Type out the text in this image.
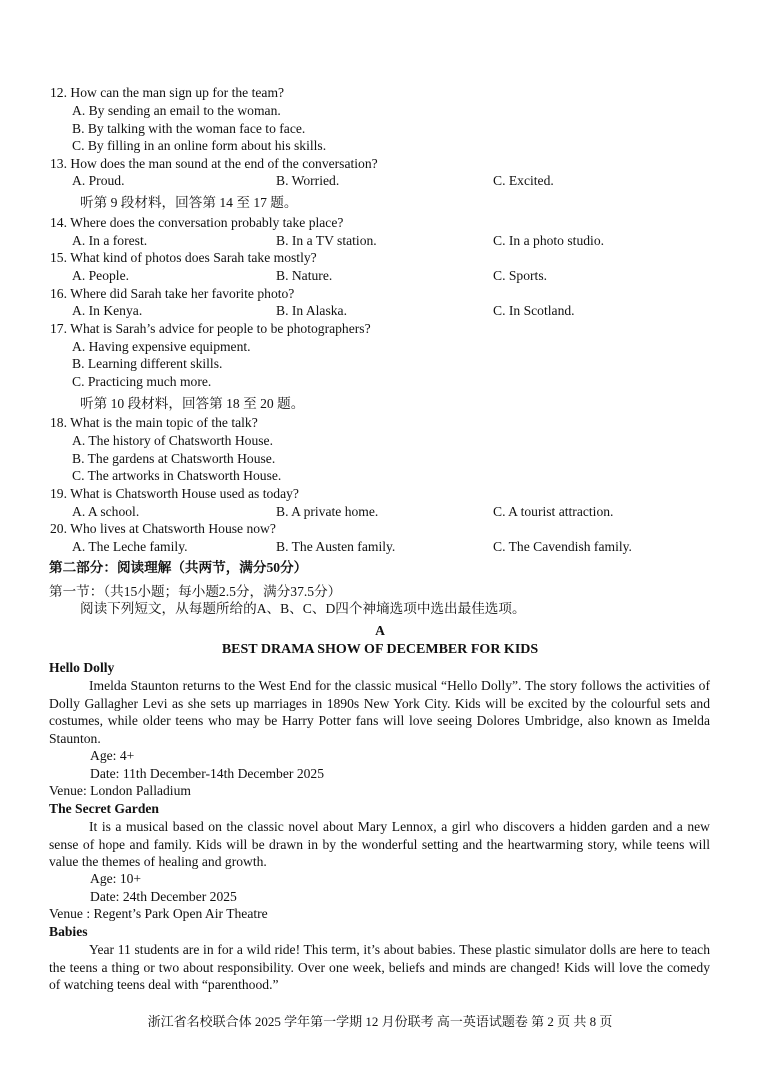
12. How can the man sign up for the team?
A. By sending an email to the woman.
B. By talking with the woman face to face.
C. By filling in an online form about his skills.
13. How does the man sound at the end of the conversation?
A. Proud.	B. Worried.	C. Excited.
听第 9 段材料，回答第 14 至 17 题。
14. Where does the conversation probably take place?
A. In a forest.	B. In a TV station.	C. In a photo studio.
15. What kind of photos does Sarah take mostly?
A. People.	B. Nature.	C. Sports.
16. Where did Sarah take her favorite photo?
A. In Kenya.	B. In Alaska.	C. In Scotland.
17. What is Sarah’s advice for people to be photographers?
A. Having expensive equipment.
B. Learning different skills.
C. Practicing much more.
听第 10 段材料，回答第 18 至 20 题。
18. What is the main topic of the talk?
A. The history of Chatsworth House.
B. The gardens at Chatsworth House.
C. The artworks in Chatsworth House.
19. What is Chatsworth House used as today?
A. A school.	B. A private home.	C. A tourist attraction.
20. Who lives at Chatsworth House now?
A. The Leche family.	B. The Austen family.	C. The Cavendish family.
第二部分：阅读理解（共两节，满分50分）
第一节：（共15小题；每小题2.5分，满分37.5分）
阅读下列短文，从每题所给的A、B、C、D四个神墒选项中选出最佳选项。
A
BEST DRAMA SHOW OF DECEMBER FOR KIDS
Hello Dolly

Imelda Staunton returns to the West End for the classic musical “Hello Dolly”. The story follows the activities of Dolly Gallagher Levi as she sets up marriages in 1890s New York City. Kids will be excited by the colourful sets and costumes, while older teens who may be Harry Potter fans will love seeing Dolores Umbridge, also known as Imelda Staunton.

Age: 4+
Date: 11th December-14th December 2025
Venue: London Palladium
The Secret Garden

It is a musical based on the classic novel about Mary Lennox, a girl who discovers a hidden garden and a new sense of hope and family. Kids will be drawn in by the wonderful setting and the heartwarming story, while teens will value the themes of healing and growth.

Age: 10+
Date: 24th December 2025
Venue : Regent’s Park Open Air Theatre
Babies

Year 11 students are in for a wild ride! This term, it’s about babies. These plastic simulator dolls are here to teach the teens a thing or two about responsibility. Over one week, beliefs and minds are changed! Kids will love the comedy of watching teens deal with “parenthood.”

浙江省名校联合体 2025 学年第一学期 12 月份联考 高一英语试题卷 第 2 页 共 8 页
